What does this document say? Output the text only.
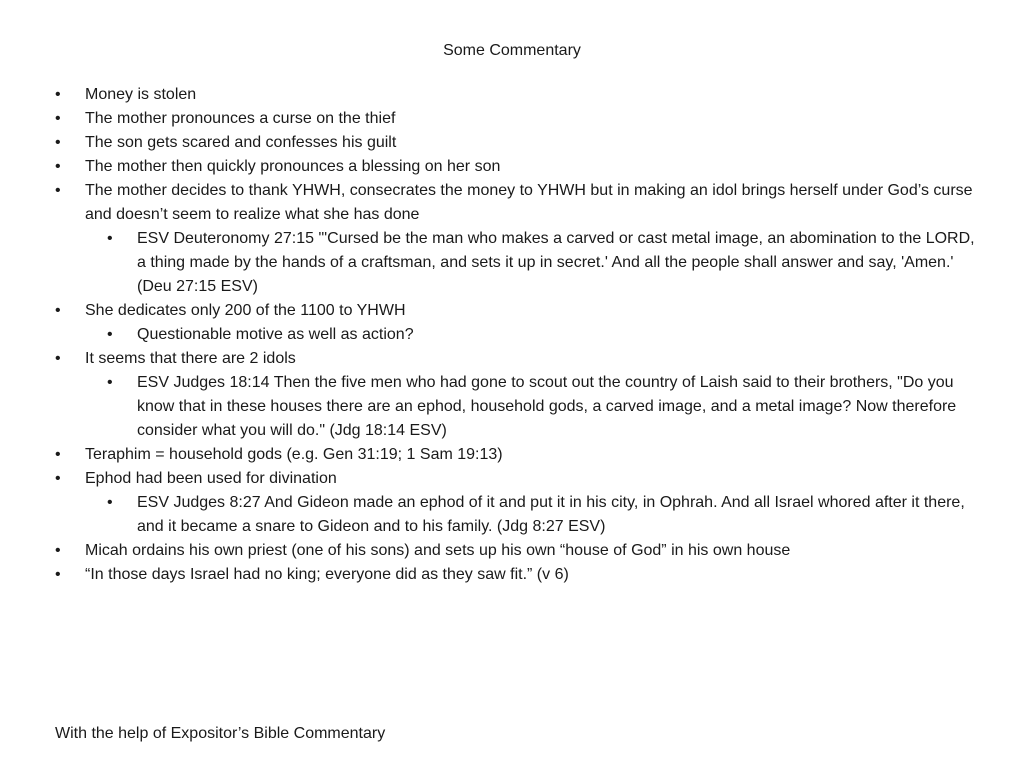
Some Commentary
•	Money is stolen
•	The mother pronounces a curse on the thief
•	The son gets scared and confesses his guilt
•	The mother then quickly pronounces a blessing on her son
•	The mother decides to thank YHWH, consecrates the money to YHWH but in making an idol brings herself under God’s curse and doesn’t seem to realize what she has done
•	ESV Deuteronomy 27:15 "'Cursed be the man who makes a carved or cast metal image, an abomination to the LORD, a thing made by the hands of a craftsman, and sets it up in secret.' And all the people shall answer and say, 'Amen.' (Deu 27:15 ESV)
•	She dedicates only 200 of the 1100 to YHWH
•	Questionable motive as well as action?
•	It seems that there are 2 idols
•	ESV Judges 18:14 Then the five men who had gone to scout out the country of Laish said to their brothers, "Do you know that in these houses there are an ephod, household gods, a carved image, and a metal image? Now therefore consider what you will do." (Jdg 18:14 ESV)
•	Teraphim = household gods (e.g. Gen 31:19; 1 Sam 19:13)
•	Ephod had been used for divination
•	ESV Judges 8:27 And Gideon made an ephod of it and put it in his city, in Ophrah. And all Israel whored after it there, and it became a snare to Gideon and to his family. (Jdg 8:27 ESV)
•	Micah ordains his own priest (one of his sons) and sets up his own “house of God” in his own house
•	“In those days Israel had no king; everyone did as they saw fit.” (v 6)
With the help of Expositor’s Bible Commentary
